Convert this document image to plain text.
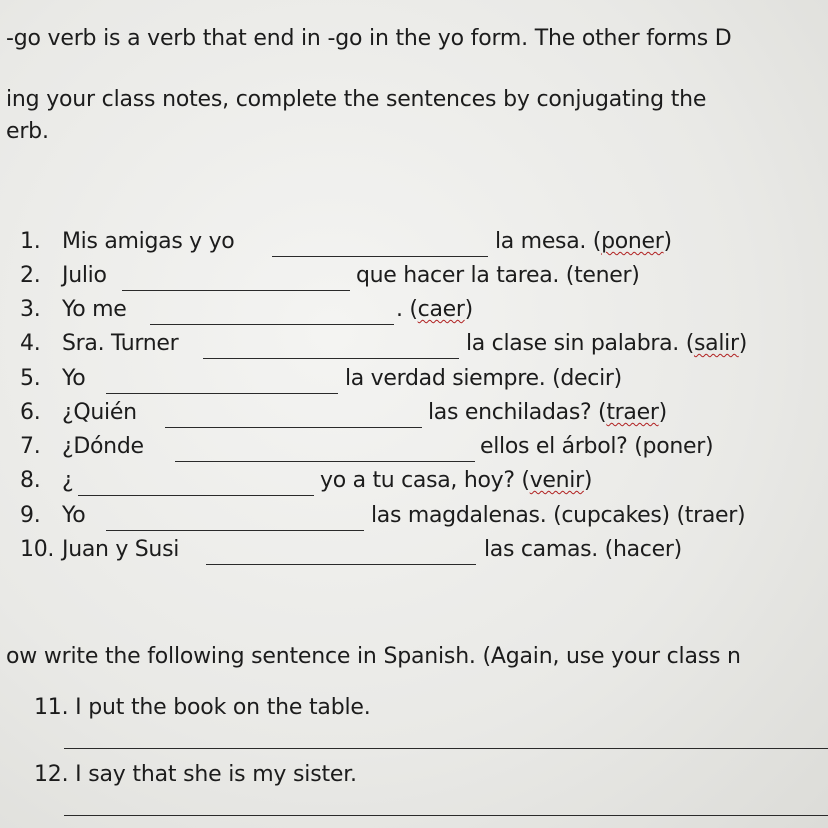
-go verb is a verb that end in -go in the yo form. The other forms D
ing your class notes, complete the sentences by conjugating the
erb.
1. Mis amigas y yo	la mesa. (poner)
2. Julio	que hacer la tarea. (tener)
3. Yo me	. (caer)
4. Sra. Turner	la clase sin palabra. (salir)
5. Yo	la verdad siempre. (decir)
6. ¿Quién	las enchiladas? (traer)
7. ¿Dónde	ellos el árbol? (poner)
8. ¿	yo a tu casa, hoy? (venir)
9. Yo	las magdalenas. (cupcakes) (traer)
10. Juan y Susi	las camas. (hacer)
ow write the following sentence in Spanish. (Again, use your class n
11. I put the book on the table.
12. I say that she is my sister.
